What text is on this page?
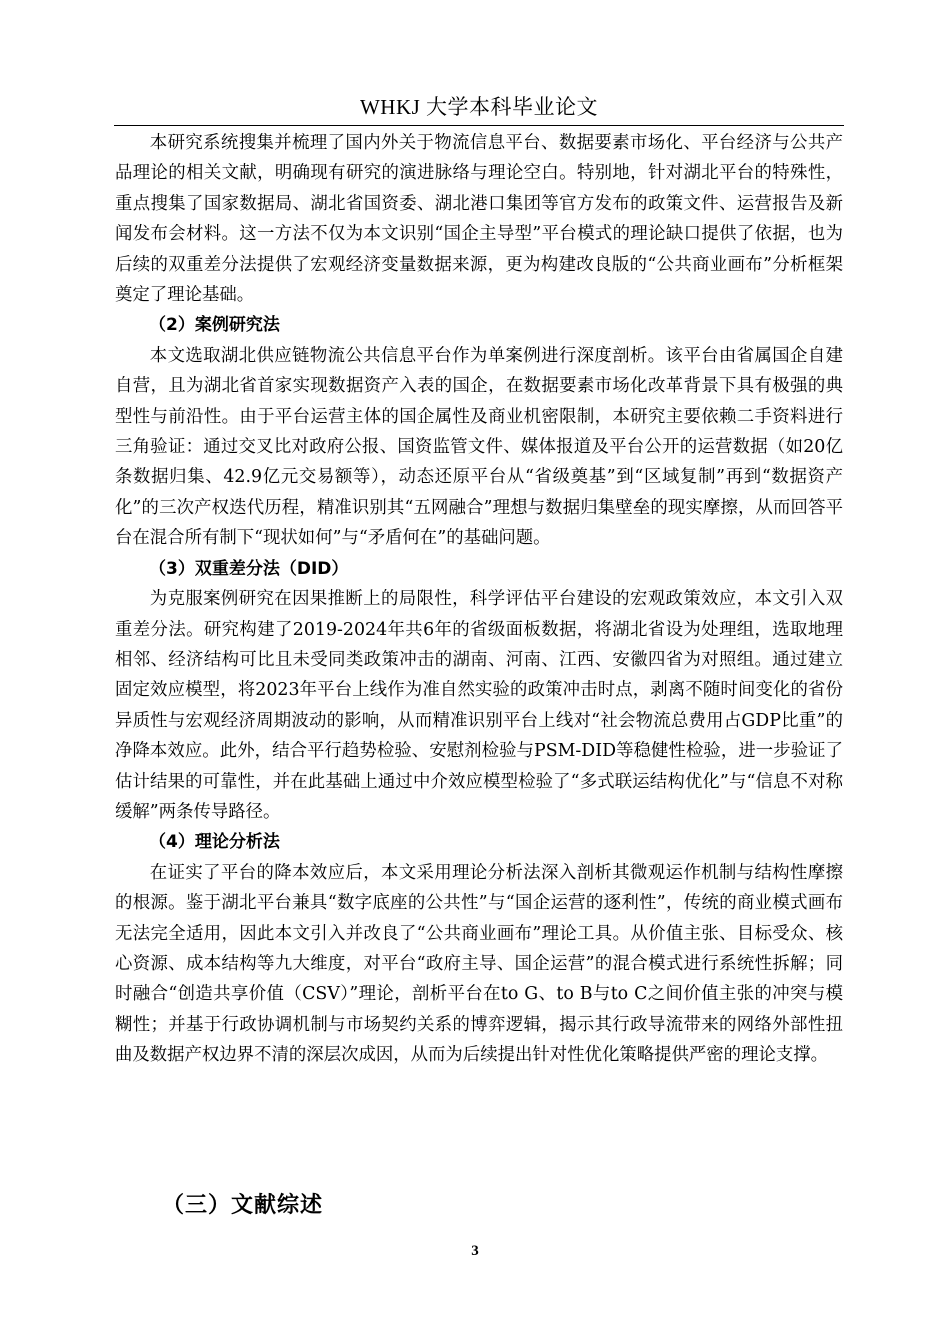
WHKJ 大学本科毕业论文

本研究系统搜集并梳理了国内外关于物流信息平台、数据要素市场化、平台经济与公共产品理论的相关文献，明确现有研究的演进脉络与理论空白。特别地，针对湖北平台的特殊性，重点搜集了国家数据局、湖北省国资委、湖北港口集团等官方发布的政策文件、运营报告及新闻发布会材料。这一方法不仅为本文识别“国企主导型”平台模式的理论缺口提供了依据，也为后续的双重差分法提供了宏观经济变量数据来源，更为构建改良版的“公共商业画布”分析框架奠定了理论基础。

（2）案例研究法

本文选取湖北供应链物流公共信息平台作为单案例进行深度剖析。该平台由省属国企自建自营，且为湖北省首家实现数据资产入表的国企，在数据要素市场化改革背景下具有极强的典型性与前沿性。由于平台运营主体的国企属性及商业机密限制，本研究主要依赖二手资料进行三角验证：通过交叉比对政府公报、国资监管文件、媒体报道及平台公开的运营数据（如20亿条数据归集、42.9亿元交易额等），动态还原平台从“省级奠基”到“区域复制”再到“数据资产化”的三次产权迭代历程，精准识别其“五网融合”理想与数据归集壁垒的现实摩擦，从而回答平台在混合所有制下“现状如何”与“矛盾何在”的基础问题。

（3）双重差分法（DID）

为克服案例研究在因果推断上的局限性，科学评估平台建设的宏观政策效应，本文引入双重差分法。研究构建了2019-2024年共6年的省级面板数据，将湖北省设为处理组，选取地理相邻、经济结构可比且未受同类政策冲击的湖南、河南、江西、安徽四省为对照组。通过建立固定效应模型，将2023年平台上线作为准自然实验的政策冲击时点，剥离不随时间变化的省份异质性与宏观经济周期波动的影响，从而精准识别平台上线对“社会物流总费用占GDP比重”的净降本效应。此外，结合平行趋势检验、安慰剂检验与PSM-DID等稳健性检验，进一步验证了估计结果的可靠性，并在此基础上通过中介效应模型检验了“多式联运结构优化”与“信息不对称缓解”两条传导路径。

（4）理论分析法

在证实了平台的降本效应后，本文采用理论分析法深入剖析其微观运作机制与结构性摩擦的根源。鉴于湖北平台兼具“数字底座的公共性”与“国企运营的逐利性”，传统的商业模式画布无法完全适用，因此本文引入并改良了“公共商业画布”理论工具。从价值主张、目标受众、核心资源、成本结构等九大维度，对平台“政府主导、国企运营”的混合模式进行系统性拆解；同时融合“创造共享价值（CSV）”理论，剖析平台在to G、to B与to C之间价值主张的冲突与模糊性；并基于行政协调机制与市场契约关系的博弈逻辑，揭示其行政导流带来的网络外部性扭曲及数据产权边界不清的深层次成因，从而为后续提出针对性优化策略提供严密的理论支撑。

（三）文献综述
3
